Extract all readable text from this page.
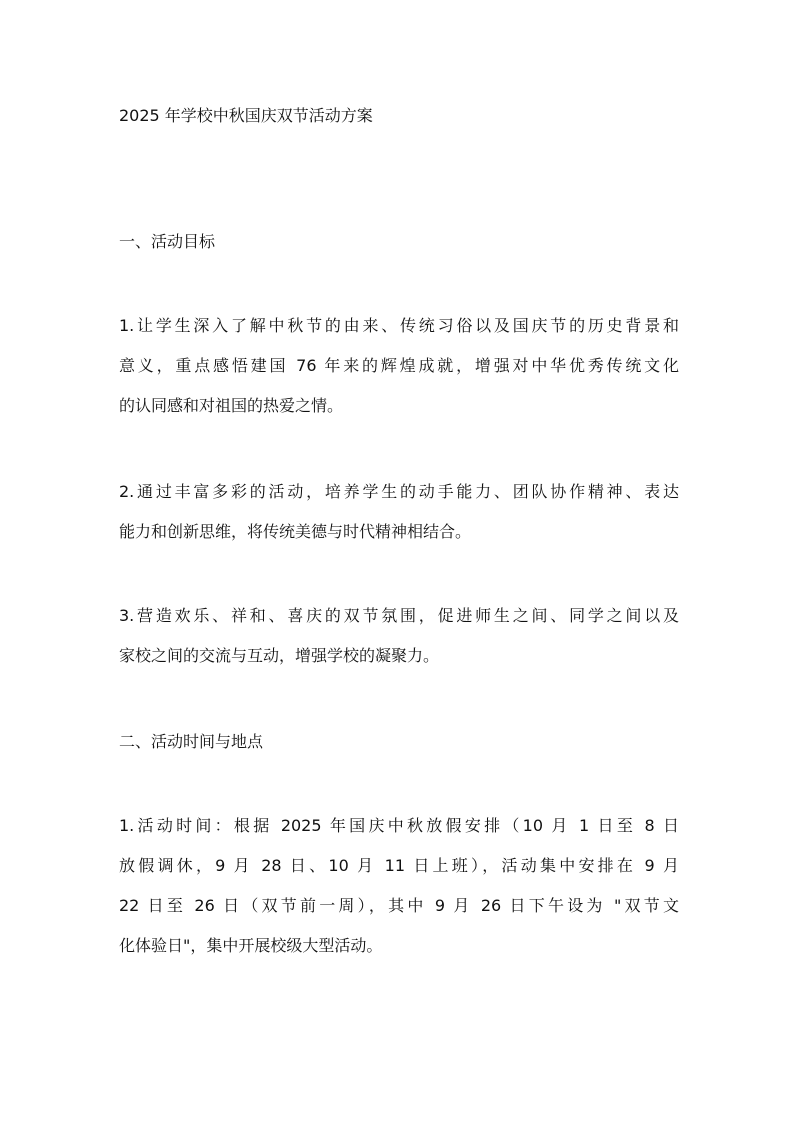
2025 年学校中秋国庆双节活动方案
一、活动目标
1.让学生深入了解中秋节的由来、传统习俗以及国庆节的历史背景和
意义，重点感悟建国 76 年来的辉煌成就，增强对中华优秀传统文化
的认同感和对祖国的热爱之情。
2.通过丰富多彩的活动，培养学生的动手能力、团队协作精神、表达
能力和创新思维，将传统美德与时代精神相结合。
3.营造欢乐、祥和、喜庆的双节氛围，促进师生之间、同学之间以及
家校之间的交流与互动，增强学校的凝聚力。
二、活动时间与地点
1.活动时间：根据 2025 年国庆中秋放假安排（10 月 1 日至 8 日
放假调休，9 月 28 日、10 月 11 日上班），活动集中安排在 9 月
22 日至 26 日（双节前一周），其中 9 月 26 日下午设为 "双节文
化体验日"，集中开展校级大型活动。
